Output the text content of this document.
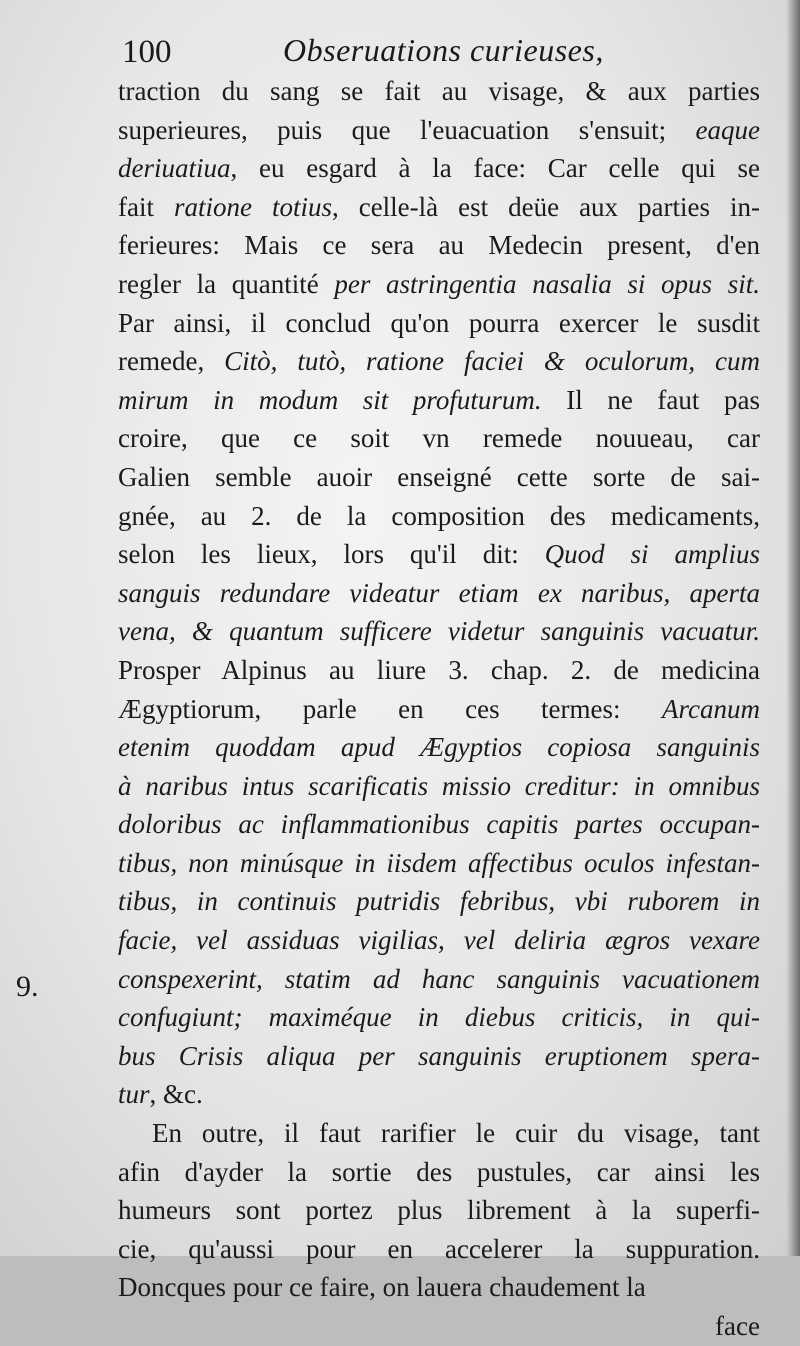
100	Obseruations curieuses,
9.
traction du sang se fait au visage, & aux parties
superieures, puis que l'euacuation s'ensuit; eaque
deriuatiua, eu esgard à la face: Car celle qui se
fait ratione totius, celle-là est deüe aux parties in-
ferieures: Mais ce sera au Medecin present, d'en
regler la quantité per astringentia nasalia si opus sit.
Par ainsi, il conclud qu'on pourra exercer le susdit
remede, Citò, tutò, ratione faciei & oculorum, cum
mirum in modum sit profuturum. Il ne faut pas
croire, que ce soit vn remede nouueau, car
Galien semble auoir enseigné cette sorte de sai-
gnée, au 2. de la composition des medicaments,
selon les lieux, lors qu'il dit: Quod si amplius
sanguis redundare videatur etiam ex naribus, aperta
vena, & quantum sufficere videtur sanguinis vacuatur.
Prosper Alpinus au liure 3. chap. 2. de medicina
Ægyptiorum, parle en ces termes: Arcanum
etenim quoddam apud Ægyptios copiosa sanguinis
à naribus intus scarificatis missio creditur: in omnibus
doloribus ac inflammationibus capitis partes occupan-
tibus, non minúsque in iisdem affectibus oculos infestan-
tibus, in continuis putridis febribus, vbi ruborem in
facie, vel assiduas vigilias, vel deliria ægros vexare
conspexerint, statim ad hanc sanguinis vacuationem
confugiunt; maximéque in diebus criticis, in qui-
bus Crisis aliqua per sanguinis eruptionem spera-
tur, &c.
En outre, il faut rarifier le cuir du visage, tant
afin d'ayder la sortie des pustules, car ainsi les
humeurs sont portez plus librement à la superfi-
cie, qu'aussi pour en accelerer la suppuration.
Doncques pour ce faire, on lauera chaudement la
face
